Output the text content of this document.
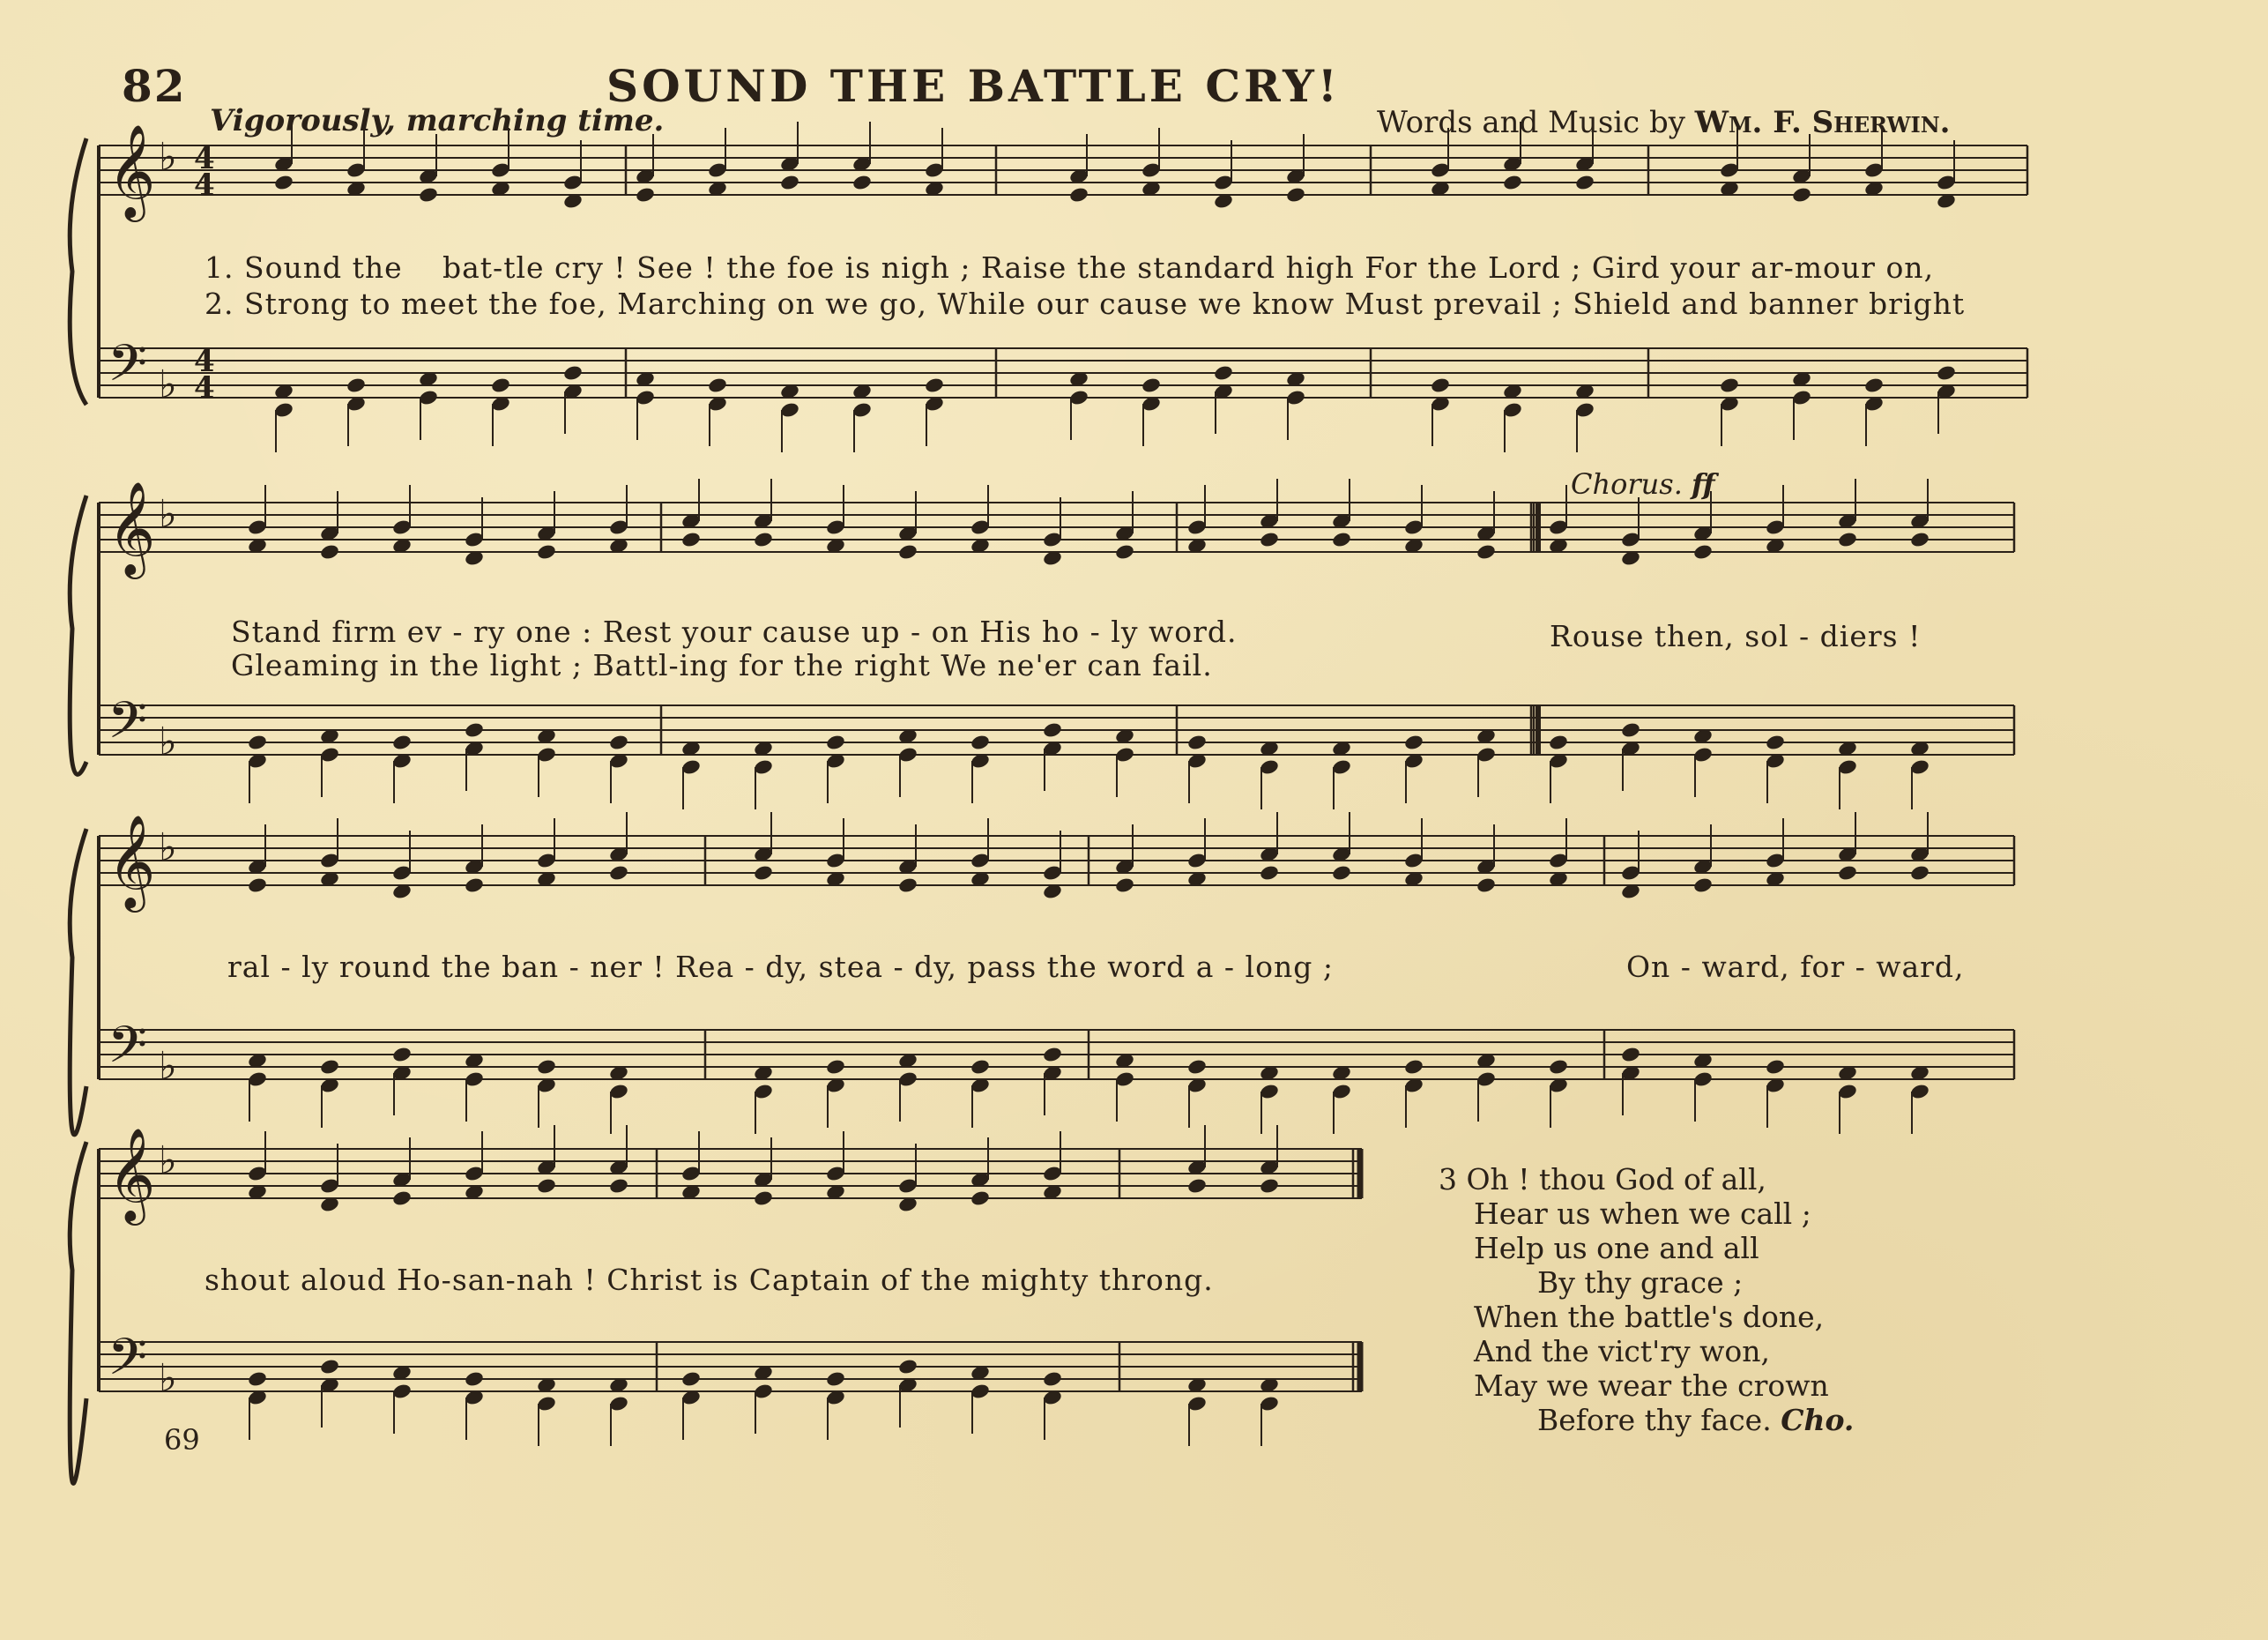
82	SOUND THE BATTLE CRY!
Vigorously, marching time.	Words and Music by Wm. F. Sherwin.
𝄞
𝄢
♭
♭
4
4
4
4
𝄞
𝄢
♭
♭
𝄞
𝄢
♭
♭
𝄞
𝄢
♭
♭
1. Sound the bat-tle cry ! See ! the foe is nigh ; Raise the standard high For the Lord ; Gird your ar-mour on,
2. Strong to meet the foe, Marching on we go, While our cause we know Must prevail ; Shield and banner bright
Stand firm ev - ry one : Rest your cause up - on His ho - ly word.	Rouse then, sol - diers !
Gleaming in the light ; Battl-ing for the right We ne'er can fail.
Chorus. ff
ral - ly round the ban - ner ! Rea - dy, stea - dy, pass the word a - long ;	On - ward, for - ward,
shout aloud Ho-san-nah ! Christ is Captain of the mighty throng.
3 Oh ! thou God of all,
Hear us when we call ;
Help us one and all
By thy grace ;
When the battle's done,
And the vict'ry won,
May we wear the crown
Before thy face. Cho.
69
